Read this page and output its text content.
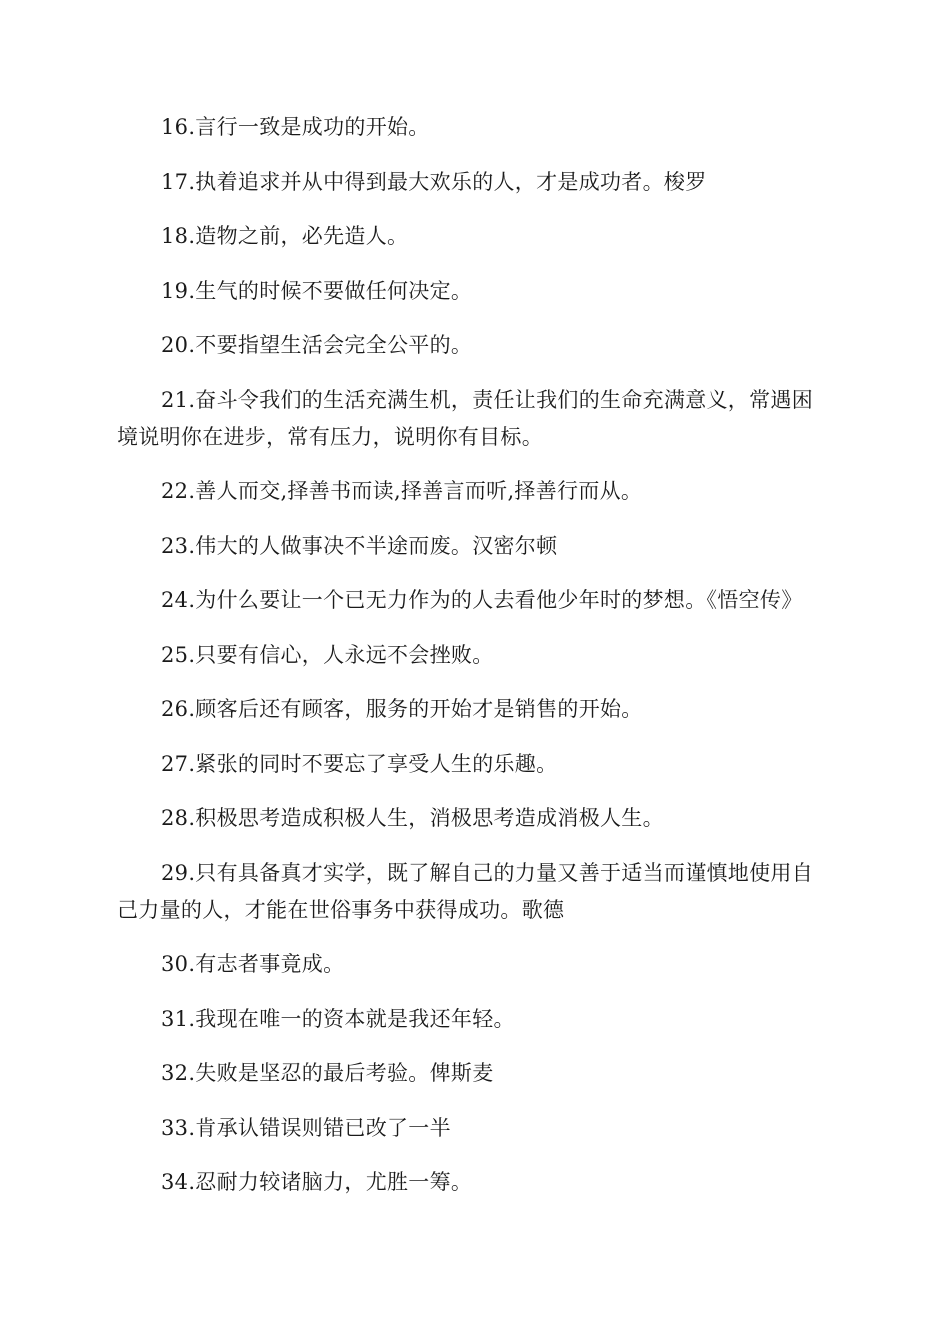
16.言行一致是成功的开始。

17.执着追求并从中得到最大欢乐的人，才是成功者。梭罗

18.造物之前，必先造人。

19.生气的时候不要做任何决定。

20.不要指望生活会完全公平的。

21.奋斗令我们的生活充满生机，责任让我们的生命充满意义，常遇困境说明你在进步，常有压力，说明你有目标。

22.善人而交,择善书而读,择善言而听,择善行而从。

23.伟大的人做事决不半途而废。汉密尔顿

24.为什么要让一个已无力作为的人去看他少年时的梦想。《悟空传》

25.只要有信心，人永远不会挫败。

26.顾客后还有顾客，服务的开始才是销售的开始。

27.紧张的同时不要忘了享受人生的乐趣。

28.积极思考造成积极人生，消极思考造成消极人生。

29.只有具备真才实学，既了解自己的力量又善于适当而谨慎地使用自己力量的人，才能在世俗事务中获得成功。歌德

30.有志者事竟成。

31.我现在唯一的资本就是我还年轻。

32.失败是坚忍的最后考验。俾斯麦

33.肯承认错误则错已改了一半

34.忍耐力较诸脑力，尤胜一筹。
